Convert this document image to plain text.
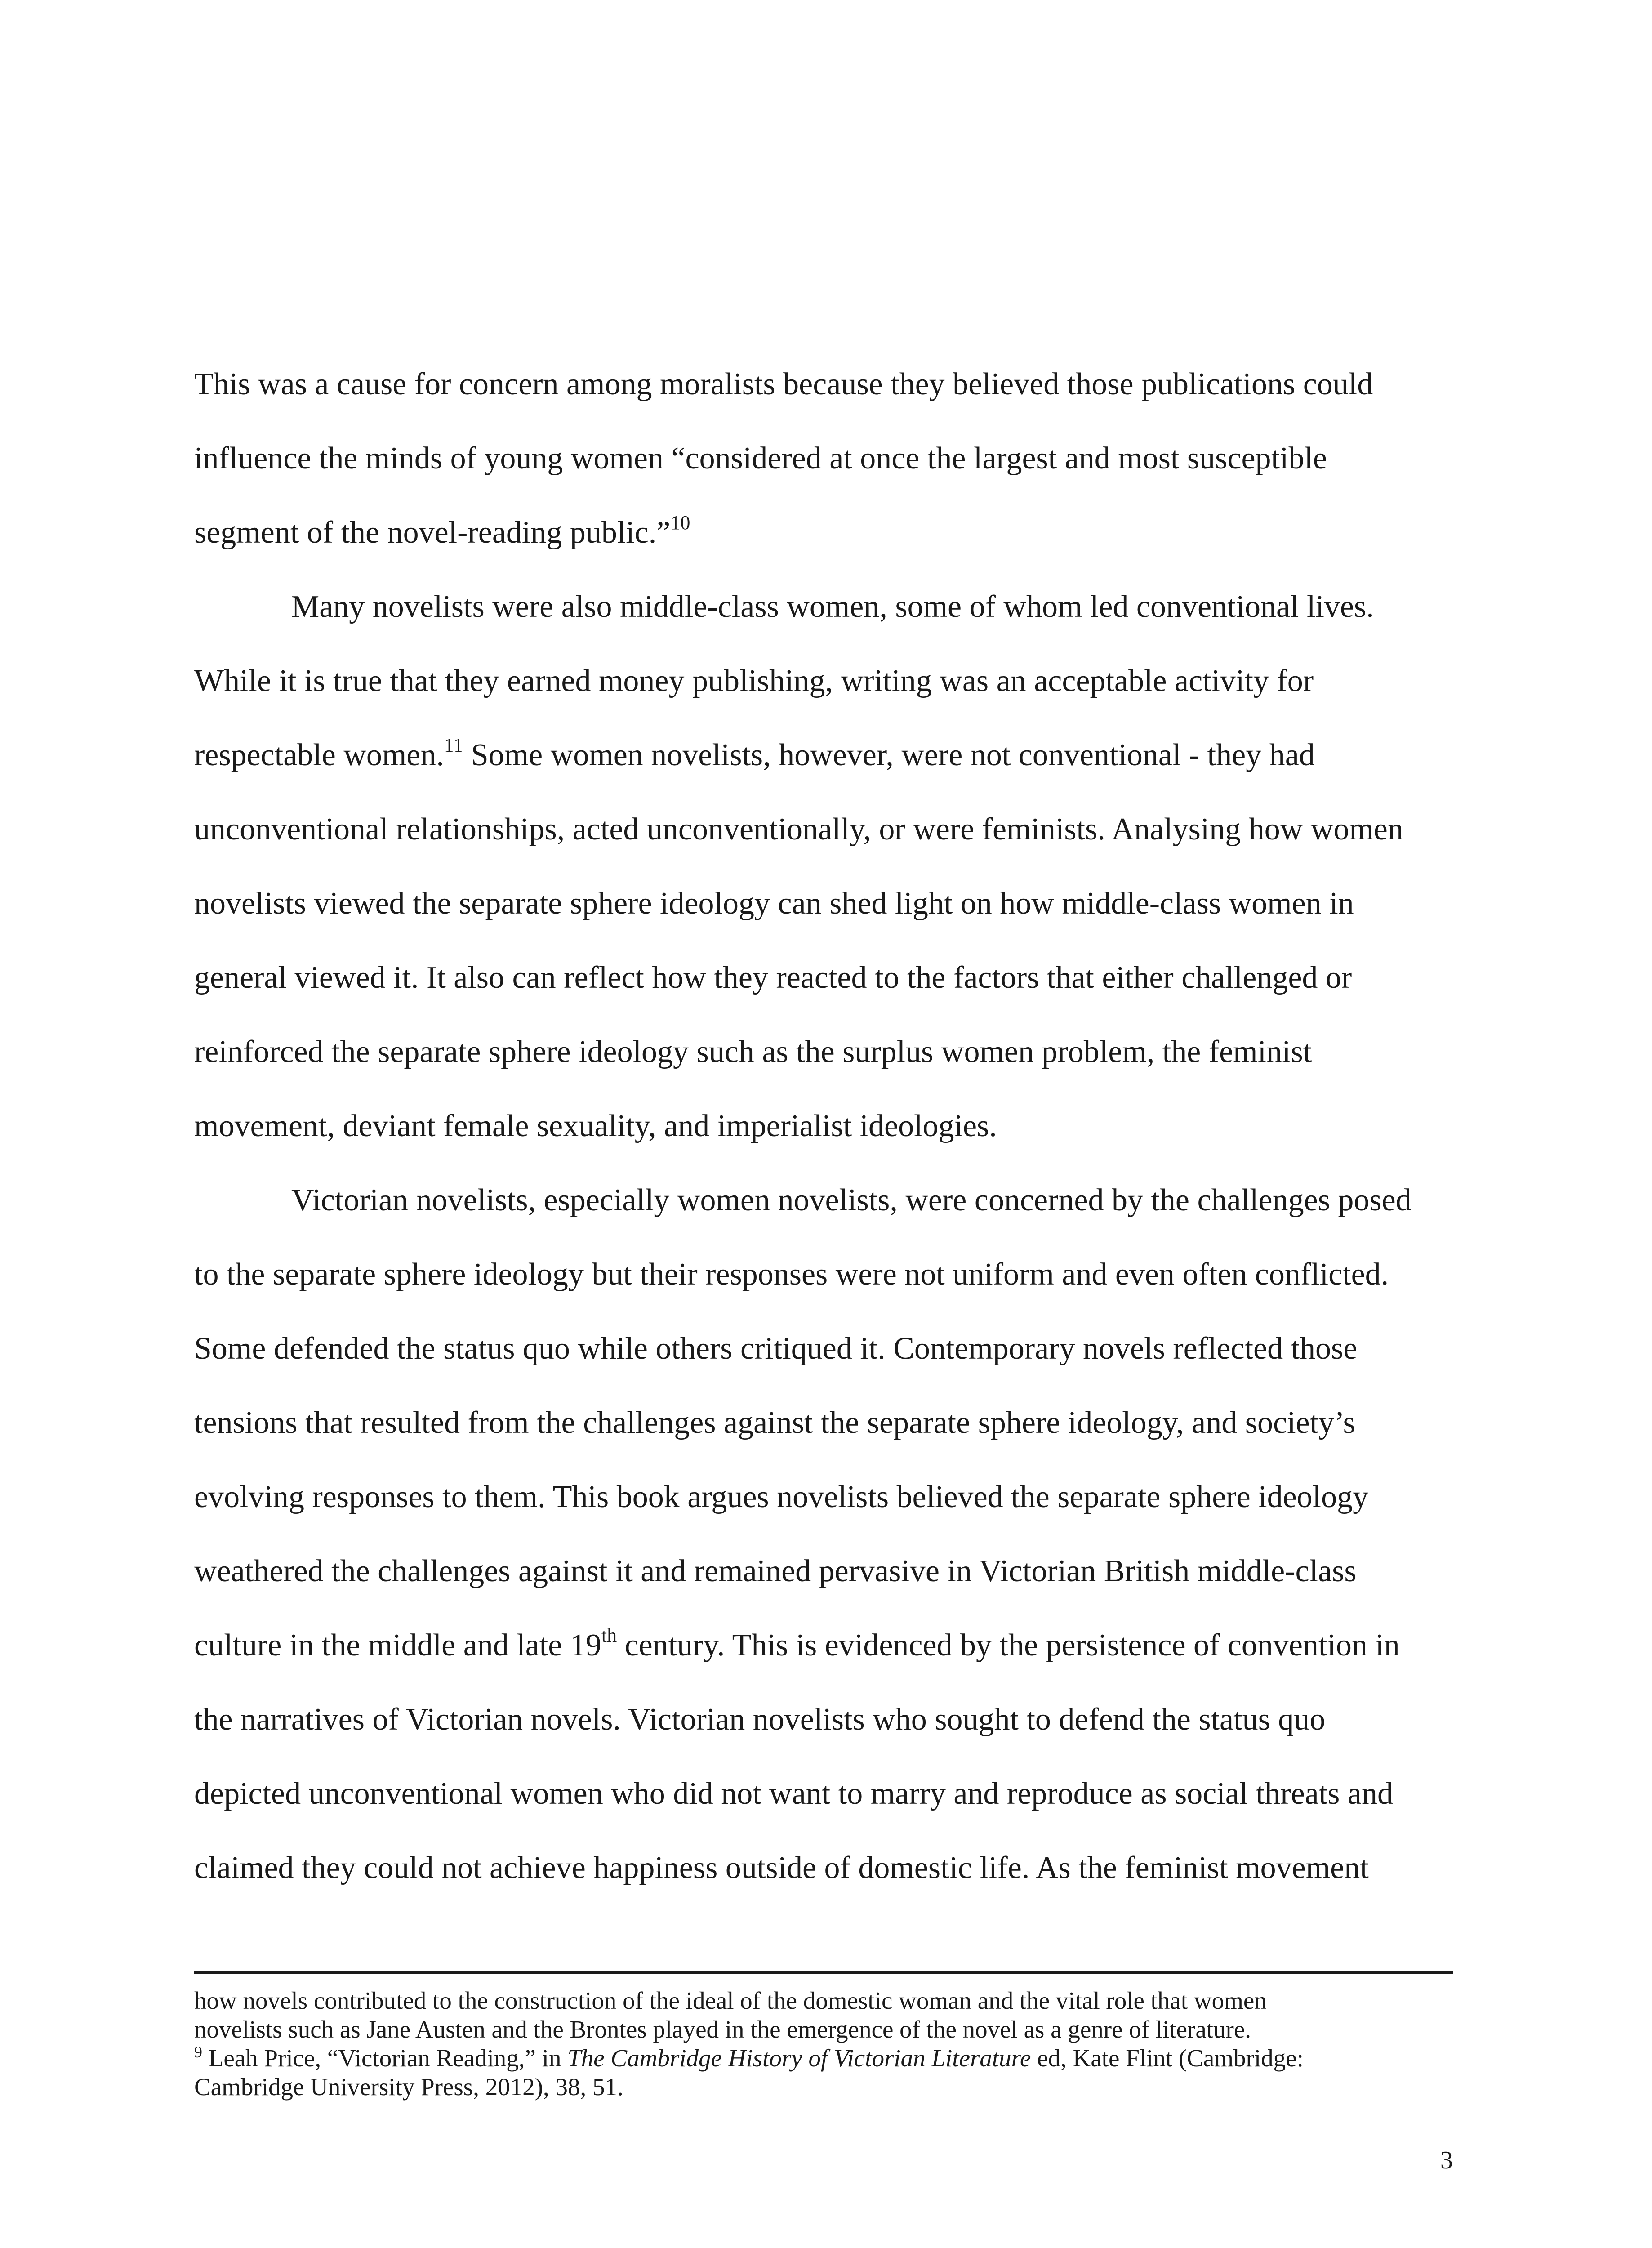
This was a cause for concern among moralists because they believed those publications could
influence the minds of young women “considered at once the largest and most susceptible
segment of the novel-reading public.”$^{10}$
Many novelists were also middle-class women, some of whom led conventional lives.
While it is true that they earned money publishing, writing was an acceptable activity for
respectable women.$^{11}$ Some women novelists, however, were not conventional - they had
unconventional relationships, acted unconventionally, or were feminists. Analysing how women
novelists viewed the separate sphere ideology can shed light on how middle-class women in
general viewed it. It also can reflect how they reacted to the factors that either challenged or
reinforced the separate sphere ideology such as the surplus women problem, the feminist
movement, deviant female sexuality, and imperialist ideologies.
Victorian novelists, especially women novelists, were concerned by the challenges posed
to the separate sphere ideology but their responses were not uniform and even often conflicted.
Some defended the status quo while others critiqued it. Contemporary novels reflected those
tensions that resulted from the challenges against the separate sphere ideology, and society’s
evolving responses to them. This book argues novelists believed the separate sphere ideology
weathered the challenges against it and remained pervasive in Victorian British middle-class
culture in the middle and late 19th century. This is evidenced by the persistence of convention in
the narratives of Victorian novels. Victorian novelists who sought to defend the status quo
depicted unconventional women who did not want to marry and reproduce as social threats and
claimed they could not achieve happiness outside of domestic life. As the feminist movement
how novels contributed to the construction of the ideal of the domestic woman and the vital role that women
novelists such as Jane Austen and the Brontes played in the emergence of the novel as a genre of literature.
$^9$ Leah Price, “Victorian Reading,” in The Cambridge History of Victorian Literature ed, Kate Flint (Cambridge:
Cambridge University Press, 2012), 38, 51.
3
